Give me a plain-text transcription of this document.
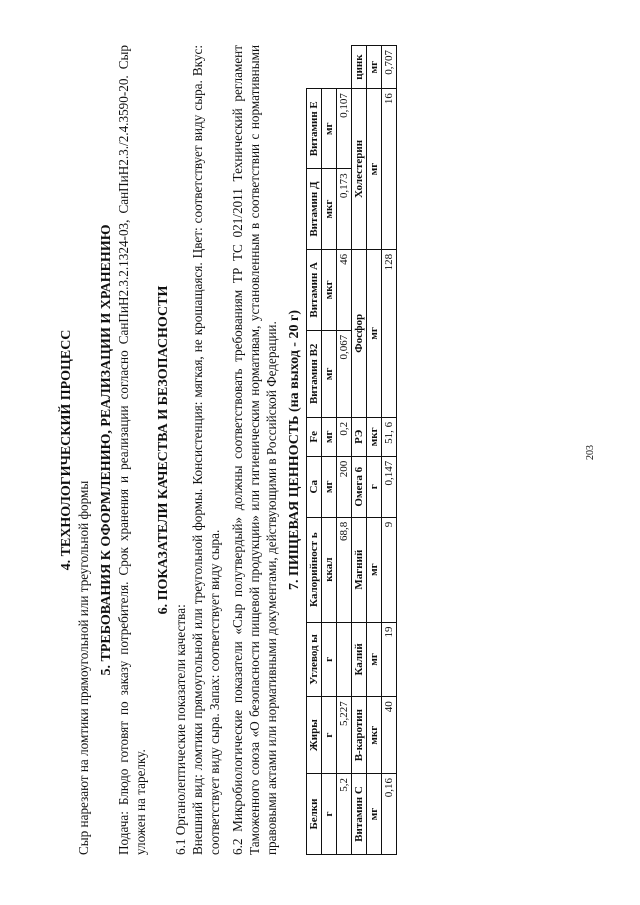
4. ТЕХНОЛОГИЧЕСКИЙ ПРОЦЕСС

Сыр нарезают на ломтики прямоугольной или треугольной формы 5. ТРЕБОВАНИЯ К ОФОРМЛЕНИЮ, РЕАЛИЗАЦИИ И ХРАНЕНИЮ Подача: Блюдо готовят по заказу потребителя. Срок хранения и реализации согласно СанПиН2.3.2.1324-03, СанПиН2.3./2.4.3590-20. Сыр уложен на тарелку.

6. ПОКАЗАТЕЛИ КАЧЕСТВА И БЕЗОПАСНОСТИ

6.1 Органолептические показатели качества: Внешний вид: ломтики прямоугольной или треугольной формы. Консистенция: мягкая, не крошащаяся. Цвет: соответствует виду сыра. Вкус: соответствует виду сыра. Запах: соответствует виду сыра. 6.2 Микробиологические показатели «Сыр полутвердый» должны соответствовать требованиям ТР ТС 021/2011 Технический регламент Таможенного союза «О безопасности пищевой продукции» или гигиеническим нормативам, установленным в соответствии с нормативными правовыми актами или нормативными документами, действующими в Российской Федерации. 7. ПИЩЕВАЯ ЦЕННОСТЬ (на выход - 20 г)

Белки	Жиры	Углевод ы	Калорийност ь	Ca	Fe	Витамин В2	Витамин А	Витамин Д	Витамин Е	
г	г	г	ккал	мг	мг	мг	мкг	мкг	мг	
5,2	5,227		68,8	200	0,2	0,067	46	0,173	0,107	
Витамин С	В-каротин	Калий	Магний	Омега 6	РЭ	Фосфор		Холестерин		цинк
мг	мкг	мг	мг	г	мкг	мг		мг		мг
0,16	40	19	9	0,147	51, 6	128		16		0,707
203
